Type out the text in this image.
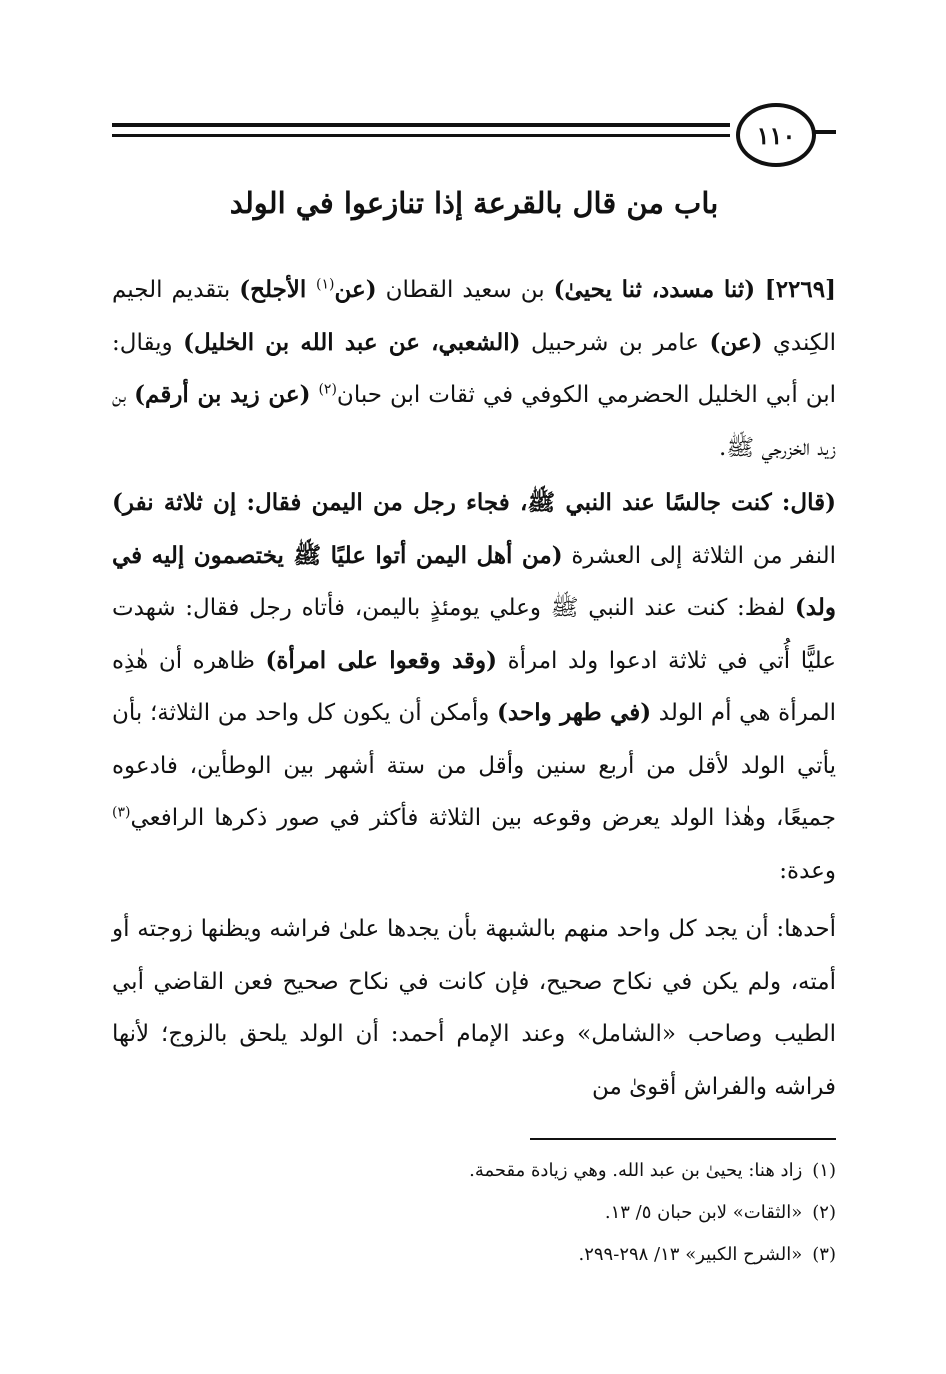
١١٠
باب من قال بالقرعة إذا تنازعوا في الولد
[٢٢٦٩] (ثنا مسدد، ثنا يحيىٰ) بن سعيد القطان (عن$^{(١)}$ الأجلح) بتقديم الجيم الكِندي (عن) عامر بن شرحبيل (الشعبي، عن عبد الله بن الخليل) ويقال: ابن أبي الخليل الحضرمي الكوفي في ثقات ابن حبان$^{(٢)}$ (عن زيد بن أرقم) بن زيد الخزرجي ﷺ.
(قال: كنت جالسًا عند النبي ﷺ، فجاء رجل من اليمن فقال: إن ثلاثة نفر) النفر من الثلاثة إلى العشرة (من أهل اليمن أتوا عليًا ﷺ يختصمون إليه في ولد) لفظ: كنت عند النبي ﷺ وعلي يومئذٍ باليمن، فأتاه رجل فقال: شهدت عليًّا أُتي في ثلاثة ادعوا ولد امرأة (وقد وقعوا على امرأة) ظاهره أن هٰذِه المرأة هي أم الولد (في طهر واحد) وأمكن أن يكون كل واحد من الثلاثة؛ بأن يأتي الولد لأقل من أربع سنين وأقل من ستة أشهر بين الوطأين، فادعوه جميعًا، وهٰذا الولد يعرض وقوعه بين الثلاثة فأكثر في صور ذكرها الرافعي$^{(٣)}$ وعدة:
أحدها: أن يجد كل واحد منهم بالشبهة بأن يجدها علىٰ فراشه ويظنها زوجته أو أمته، ولم يكن في نكاح صحيح، فإن كانت في نكاح صحيح فعن القاضي أبي الطيب وصاحب «الشامل» وعند الإمام أحمد: أن الولد يلحق بالزوج؛ لأنها فراشه والفراش أقوىٰ من
(١)زاد هنا: يحيىٰ بن عبد الله. وهي زيادة مقحمة.
(٢)«الثقات» لابن حبان ٥/ ١٣.
(٣)«الشرح الكبير» ١٣/ ٢٩٨-٢٩٩.
